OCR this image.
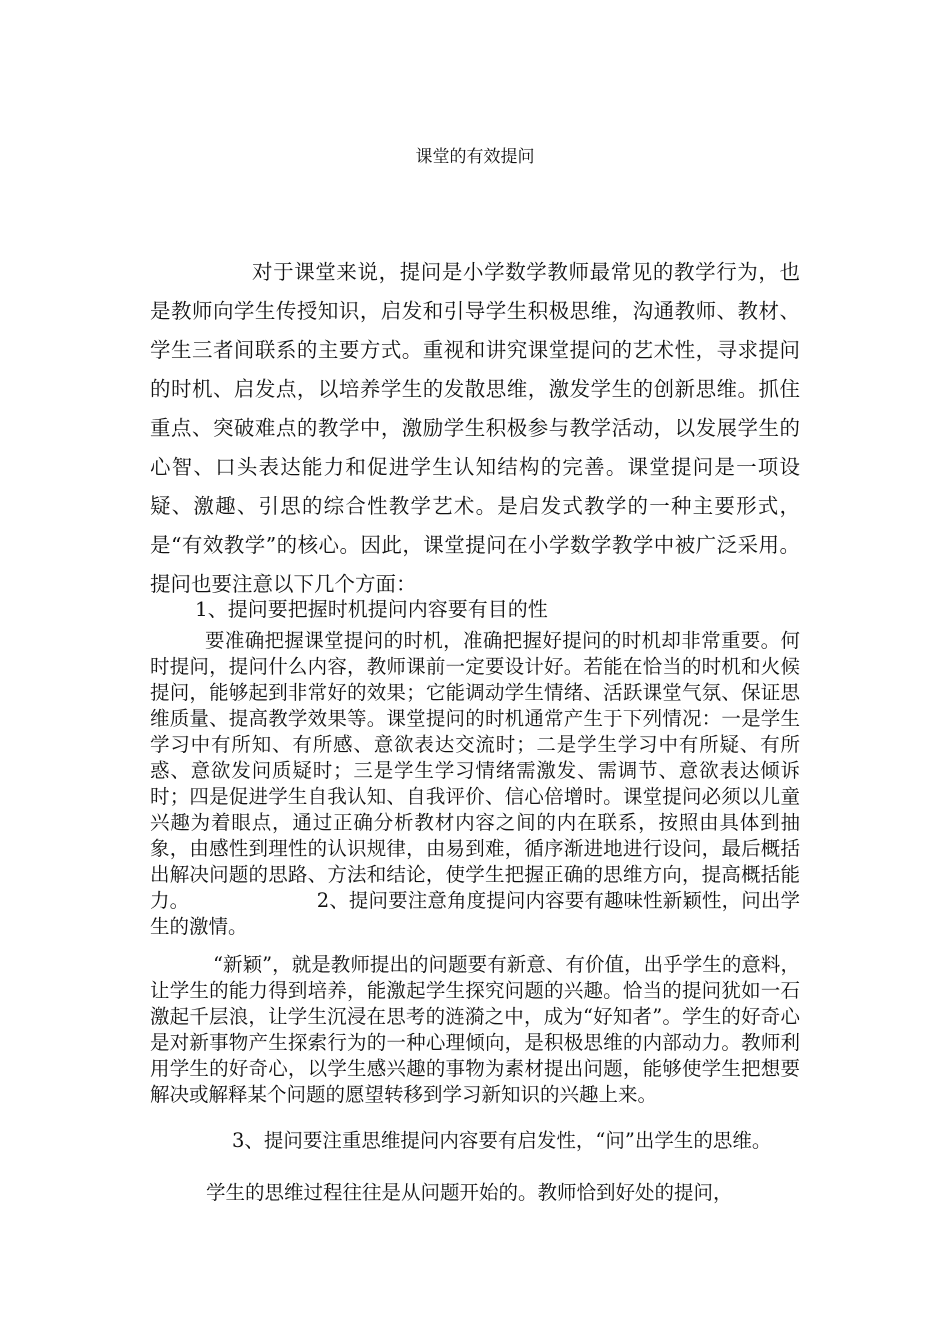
课堂的有效提问

对于课堂来说，提问是小学数学教师最常见的教学行为，也是教师向学生传授知识，启发和引导学生积极思维，沟通教师、教材、学生三者间联系的主要方式。重视和讲究课堂提问的艺术性，寻求提问的时机、启发点，以培养学生的发散思维，激发学生的创新思维。抓住重点、突破难点的教学中，激励学生积极参与教学活动，以发展学生的心智、口头表达能力和促进学生认知结构的完善。课堂提问是一项设疑、激趣、引思的综合性教学艺术。是启发式教学的一种主要形式，是“有效教学”的核心。因此，课堂提问在小学数学教学中被广泛采用。提问也要注意以下几个方面：

1、提问要把握时机提问内容要有目的性

要准确把握课堂提问的时机，准确把握好提问的时机却非常重要。何时提问，提问什么内容，教师课前一定要设计好。若能在恰当的时机和火候提问，能够起到非常好的效果；它能调动学生情绪、活跃课堂气氛、保证思维质量、提高教学效果等。课堂提问的时机通常产生于下列情况：一是学生学习中有所知、有所感、意欲表达交流时；二是学生学习中有所疑、有所惑、意欲发问质疑时；三是学生学习情绪需激发、需调节、意欲表达倾诉时；四是促进学生自我认知、自我评价、信心倍增时。课堂提问必须以儿童兴趣为着眼点，通过正确分析教材内容之间的内在联系，按照由具体到抽象，由感性到理性的认识规律，由易到难，循序渐进地进行设问，最后概括出解决问题的思路、方法和结论，使学生把握正确的思维方向，提高概括能力。　　　　　　　2、提问要注意角度提问内容要有趣味性新颖性，问出学生的激情。

“新颖”，就是教师提出的问题要有新意、有价值，出乎学生的意料，让学生的能力得到培养，能激起学生探究问题的兴趣。恰当的提问犹如一石激起千层浪，让学生沉浸在思考的涟漪之中，成为“好知者”。学生的好奇心是对新事物产生探索行为的一种心理倾向，是积极思维的内部动力。教师利用学生的好奇心，以学生感兴趣的事物为素材提出问题，能够使学生把想要解决或解释某个问题的愿望转移到学习新知识的兴趣上来。

3、提问要注重思维提问内容要有启发性，“问”出学生的思维。

学生的思维过程往往是从问题开始的。教师恰到好处的提问，
